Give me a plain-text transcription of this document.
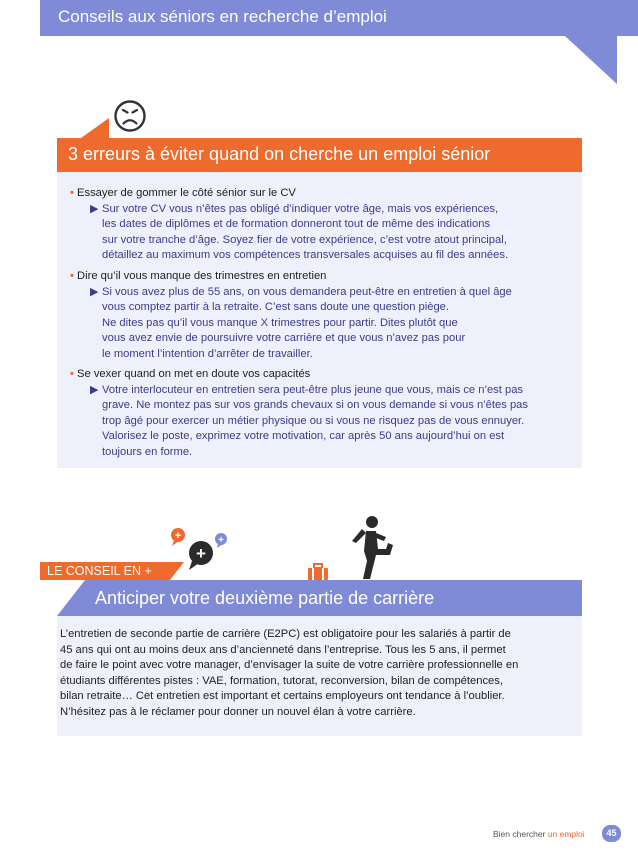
Conseils aux séniors en recherche d’emploi
3 erreurs à éviter quand on cherche un emploi sénior
• Essayer de gommer le côté sénior sur le CV
▶ Sur votre CV vous n’êtes pas obligé d’indiquer votre âge, mais vos expériences,
les dates de diplômes et de formation donneront tout de même des indications
sur votre tranche d’âge. Soyez fier de votre expérience, c’est votre atout principal,
détaillez au maximum vos compétences transversales acquises au fil des années.
• Dire qu’il vous manque des trimestres en entretien
▶ Si vous avez plus de 55 ans, on vous demandera peut-être en entretien à quel âge
vous comptez partir à la retraite. C’est sans doute une question piège.
Ne dites pas qu’il vous manque X trimestres pour partir. Dites plutôt que
vous avez envie de poursuivre votre carrière et que vous n’avez pas pour
le moment l’intention d’arrêter de travailler.
• Se vexer quand on met en doute vos capacités
▶ Votre interlocuteur en entretien sera peut-être plus jeune que vous, mais ce n’est pas
grave. Ne montez pas sur vos grands chevaux si on vous demande si vous n’êtes pas
trop âgé pour exercer un métier physique ou si vous ne risquez pas de vous ennuyer.
Valorisez le poste, exprimez votre motivation, car après 50 ans aujourd’hui on est
toujours en forme.
+	+
+
LE CONSEIL EN +
Anticiper votre deuxième partie de carrière
L’entretien de seconde partie de carrière (E2PC) est obligatoire pour les salariés à partir de
45 ans qui ont au moins deux ans d’ancienneté dans l’entreprise. Tous les 5 ans, il permet
de faire le point avec votre manager, d’envisager la suite de votre carrière professionnelle en
étudiants différentes pistes : VAE, formation, tutorat, reconversion, bilan de compétences,
bilan retraite… Cet entretien est important et certains employeurs ont tendance à l’oublier.
N’hésitez pas à le réclamer pour donner un nouvel élan à votre carrière.
Bien chercher un emploi	45
